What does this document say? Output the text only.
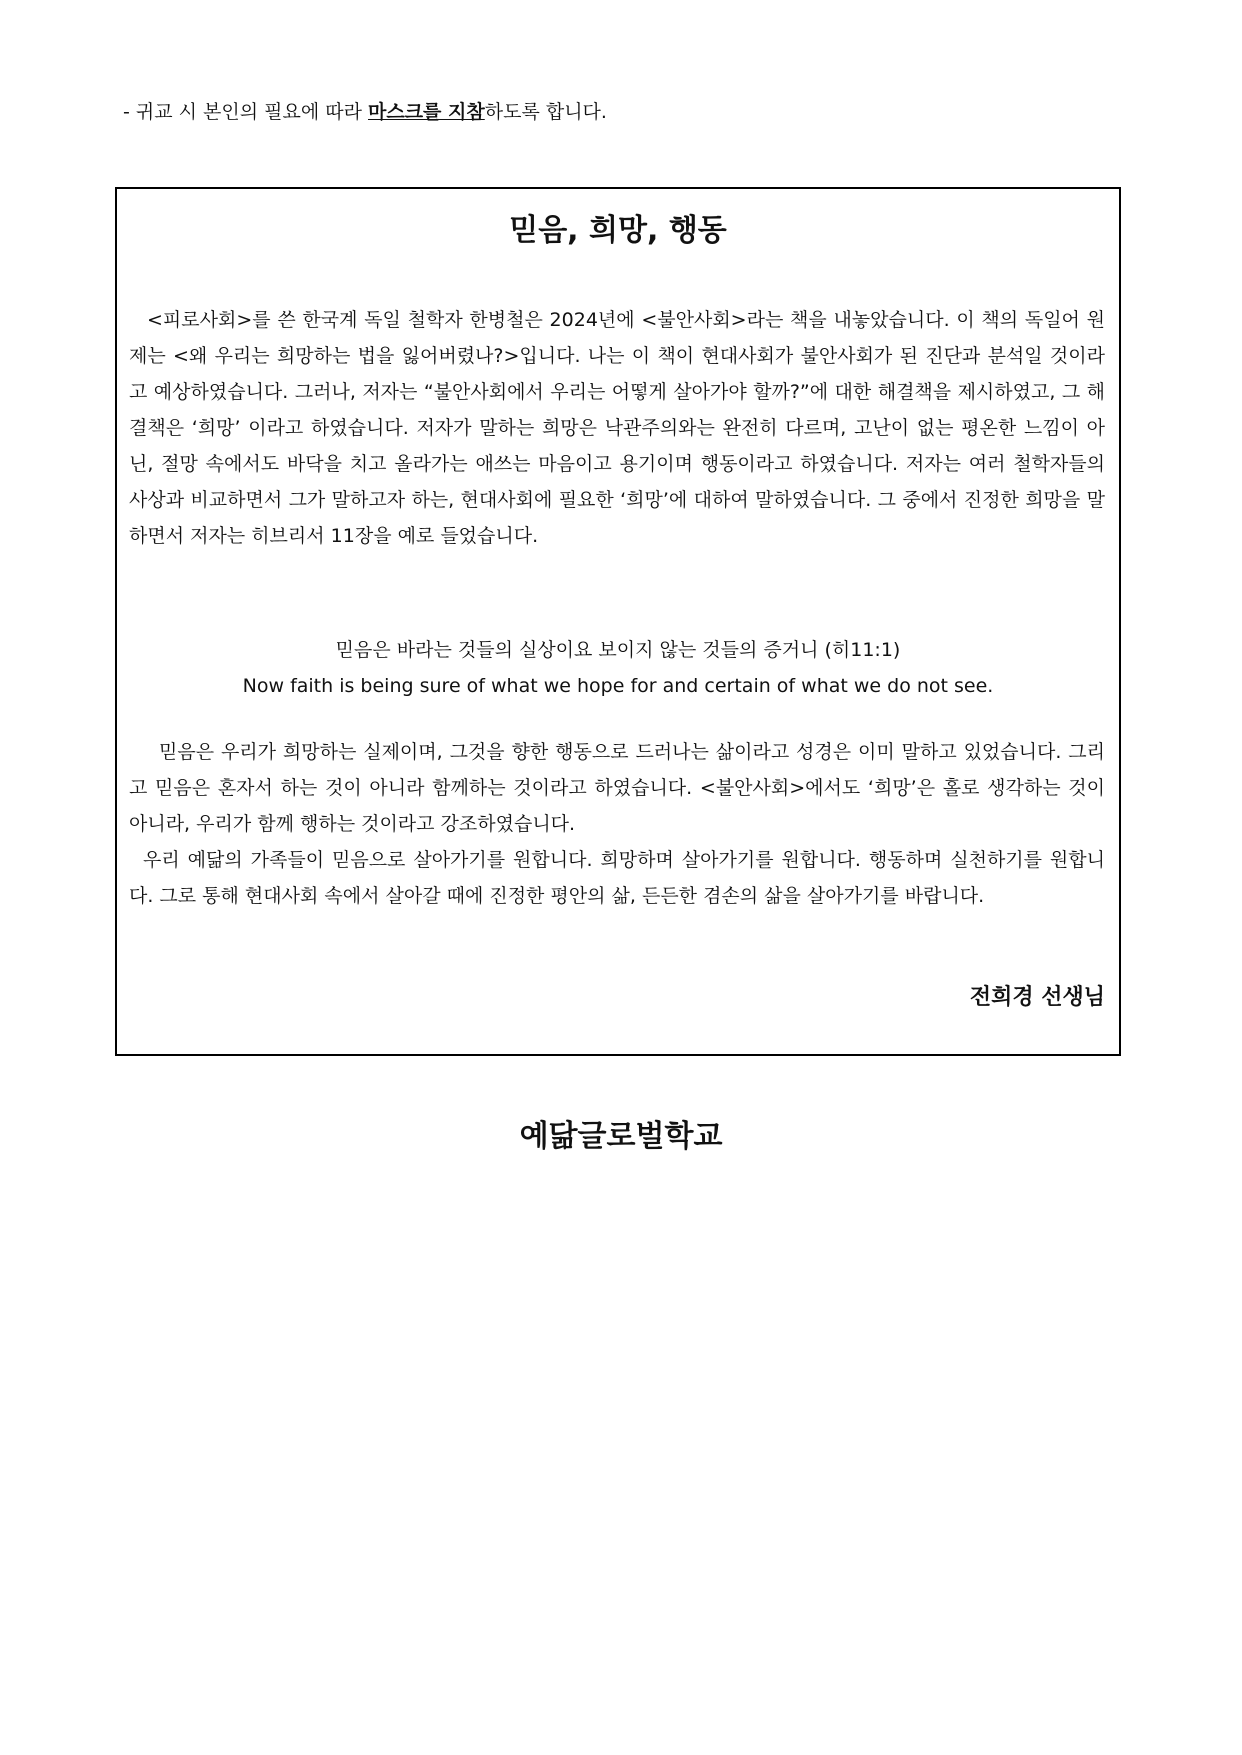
- 귀교 시 본인의 필요에 따라 마스크를 지참하도록 합니다.
믿음, 희망, 행동

<피로사회>를 쓴 한국계 독일 철학자 한병철은 2024년에 <불안사회>라는 책을 내놓았습니다. 이 책의 독일어 원제는 <왜 우리는 희망하는 법을 잃어버렸나?>입니다. 나는 이 책이 현대사회가 불안사회가 된 진단과 분석일 것이라고 예상하였습니다. 그러나, 저자는 “불안사회에서 우리는 어떻게 살아가야 할까?”에 대한 해결책을 제시하였고, 그 해결책은 ‘희망’ 이라고 하였습니다. 저자가 말하는 희망은 낙관주의와는 완전히 다르며, 고난이 없는 평온한 느낌이 아닌, 절망 속에서도 바닥을 치고 올라가는 애쓰는 마음이고 용기이며 행동이라고 하였습니다. 저자는 여러 철학자들의 사상과 비교하면서 그가 말하고자 하는, 현대사회에 필요한 ‘희망’에 대하여 말하였습니다. 그 중에서 진정한 희망을 말하면서 저자는 히브리서 11장을 예로 들었습니다.

믿음은 바라는 것들의 실상이요 보이지 않는 것들의 증거니 (히11:1)
Now faith is being sure of what we hope for and certain of what we do not see.

믿음은 우리가 희망하는 실제이며, 그것을 향한 행동으로 드러나는 삶이라고 성경은 이미 말하고 있었습니다. 그리고 믿음은 혼자서 하는 것이 아니라 함께하는 것이라고 하였습니다. <불안사회>에서도 ‘희망’은 홀로 생각하는 것이 아니라, 우리가 함께 행하는 것이라고 강조하였습니다.

우리 예닮의 가족들이 믿음으로 살아가기를 원합니다. 희망하며 살아가기를 원합니다. 행동하며 실천하기를 원합니다. 그로 통해 현대사회 속에서 살아갈 때에 진정한 평안의 삶, 든든한 겸손의 삶을 살아가기를 바랍니다.

전희경 선생님
예닮글로벌학교
